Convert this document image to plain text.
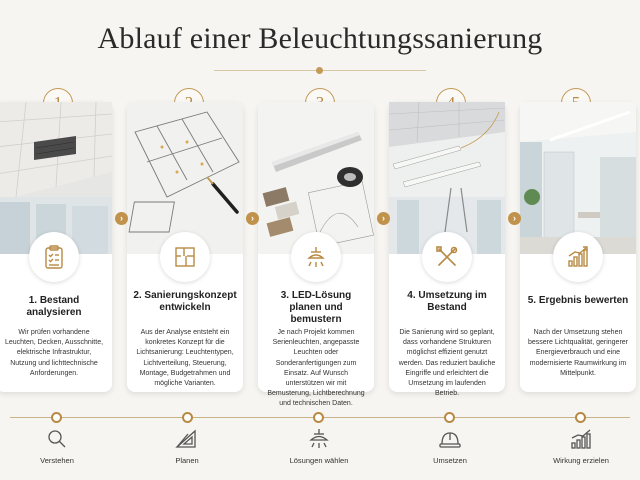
Ablauf einer Beleuchtungssanierung
1. Bestand analysieren
Wir prüfen vorhandene Leuchten, Decken, Ausschnitte, elektrische Infrastruktur, Nutzung und lichttechnische Anforderungen.
2. Sanierungskonzept entwickeln
Aus der Analyse entsteht ein konkretes Konzept für die Lichtsanierung: Leuchtentypen, Lichtverteilung, Steuerung, Montage, Budgetrahmen und mögliche Varianten.
3. LED-Lösung planen und bemustern
Je nach Projekt kommen Serienleuchten, angepasste Leuchten oder Sonderanfertigungen zum Einsatz. Auf Wunsch unterstützen wir mit Bemusterung, Lichtberechnung und technischen Daten.
4. Umsetzung im Bestand
Die Sanierung wird so geplant, dass vorhandene Strukturen möglichst effizient genutzt werden. Das reduziert bauliche Eingriffe und erleichtert die Umsetzung im laufenden Betrieb.
5. Ergebnis bewerten
Nach der Umsetzung stehen bessere Lichtqualität, geringerer Energieverbrauch und eine modernisierte Raumwirkung im Mittelpunkt.
›	›	›	›
Verstehen	Planen	Lösungen wählen	Umsetzen	Wirkung erzielen
